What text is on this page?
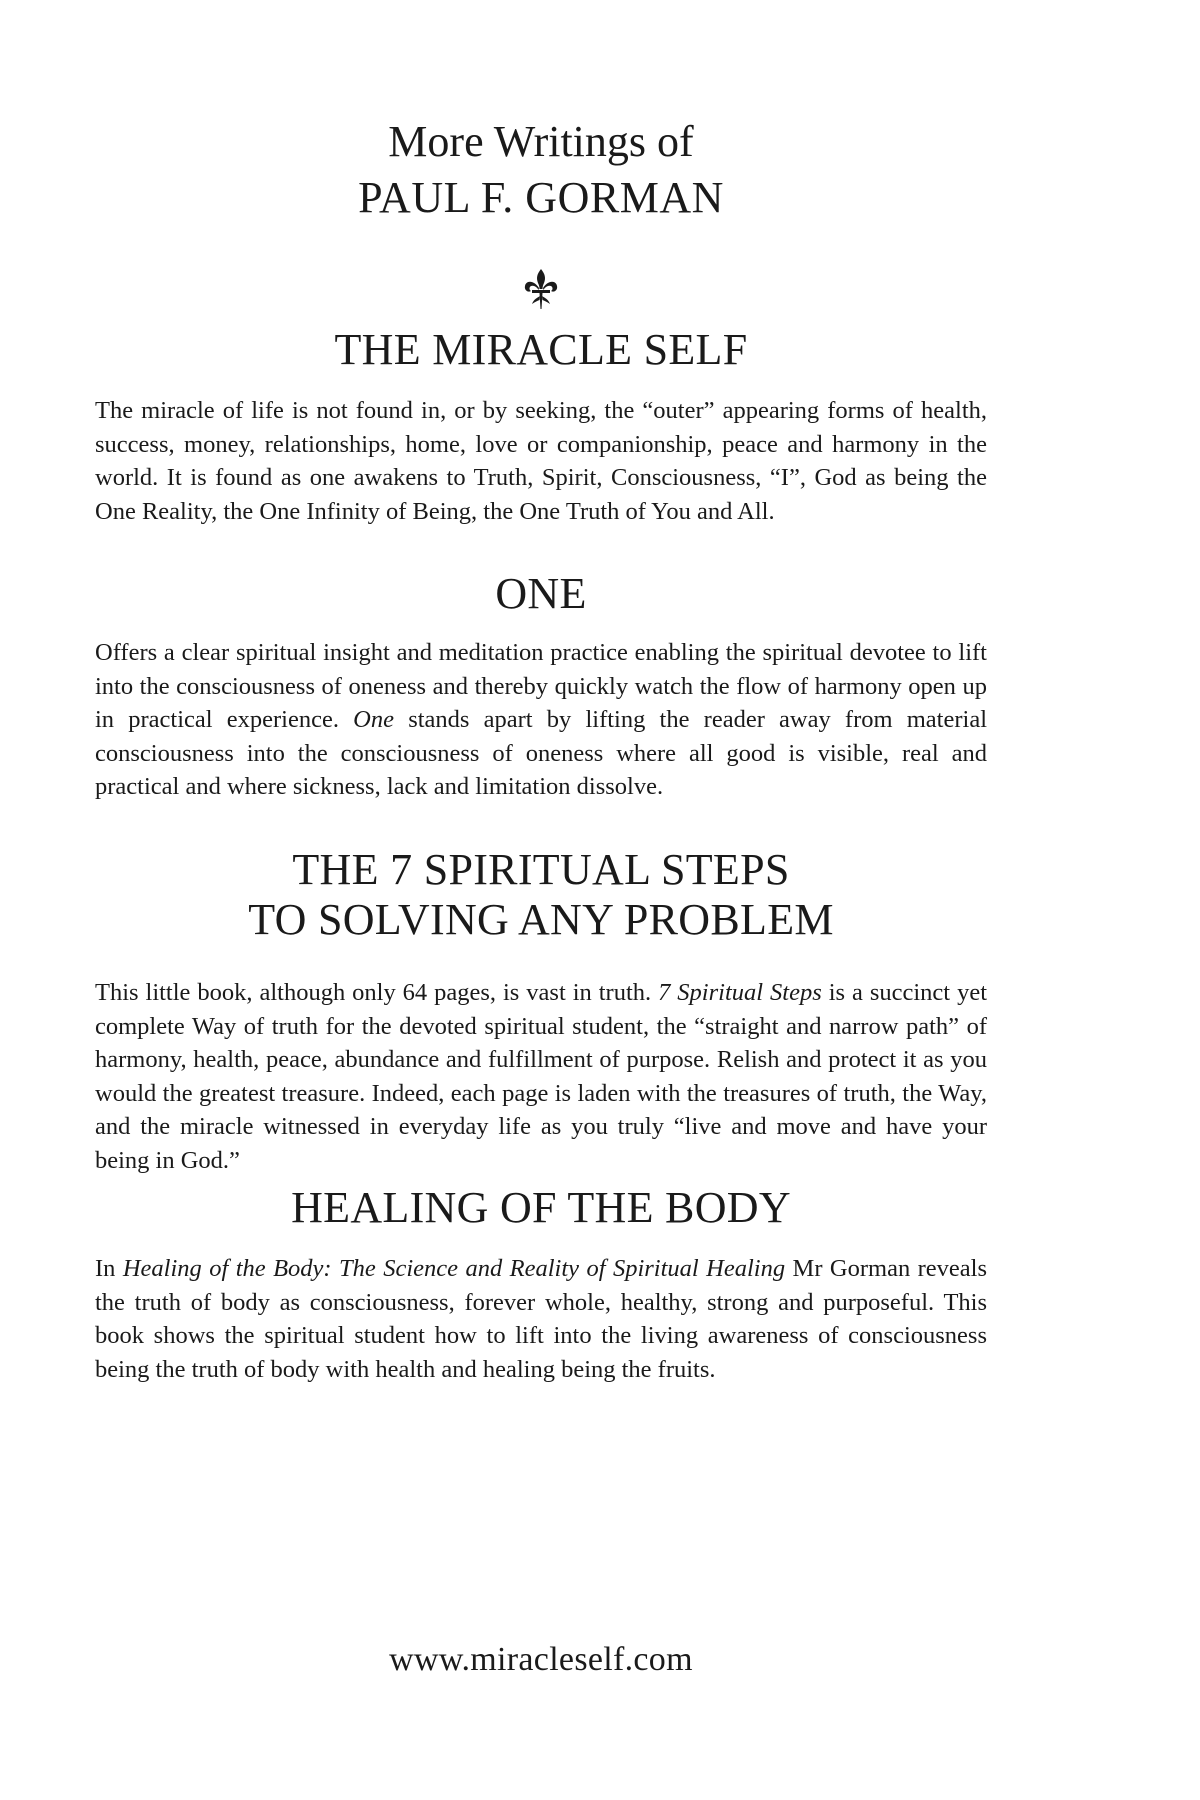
More Writings of
PAUL F. GORMAN
THE MIRACLE SELF
The miracle of life is not found in, or by seeking, the “outer” appearing forms of health, success, money, relationships, home, love or companionship, peace and harmony in the world. It is found as one awakens to Truth, Spirit, Consciousness, “I”, God as being the One Reality, the One Infinity of Being, the One Truth of You and All.
ONE
Offers a clear spiritual insight and meditation practice enabling the spiritual devotee to lift into the consciousness of oneness and thereby quickly watch the flow of harmony open up in practical experience. One stands apart by lifting the reader away from material consciousness into the consciousness of oneness where all good is visible, real and practical and where sickness, lack and limitation dissolve.
THE 7 SPIRITUAL STEPS
TO SOLVING ANY PROBLEM
This little book, although only 64 pages, is vast in truth. 7 Spiritual Steps is a succinct yet complete Way of truth for the devoted spiritual student, the “straight and narrow path” of harmony, health, peace, abundance and fulfillment of purpose. Relish and protect it as you would the greatest treasure. Indeed, each page is laden with the treasures of truth, the Way, and the miracle witnessed in everyday life as you truly “live and move and have your being in God.”
HEALING OF THE BODY
In Healing of the Body: The Science and Reality of Spiritual Healing Mr Gorman reveals the truth of body as consciousness, forever whole, healthy, strong and purposeful. This book shows the spiritual student how to lift into the living awareness of consciousness being the truth of body with health and healing being the fruits.
www.miracleself.com
